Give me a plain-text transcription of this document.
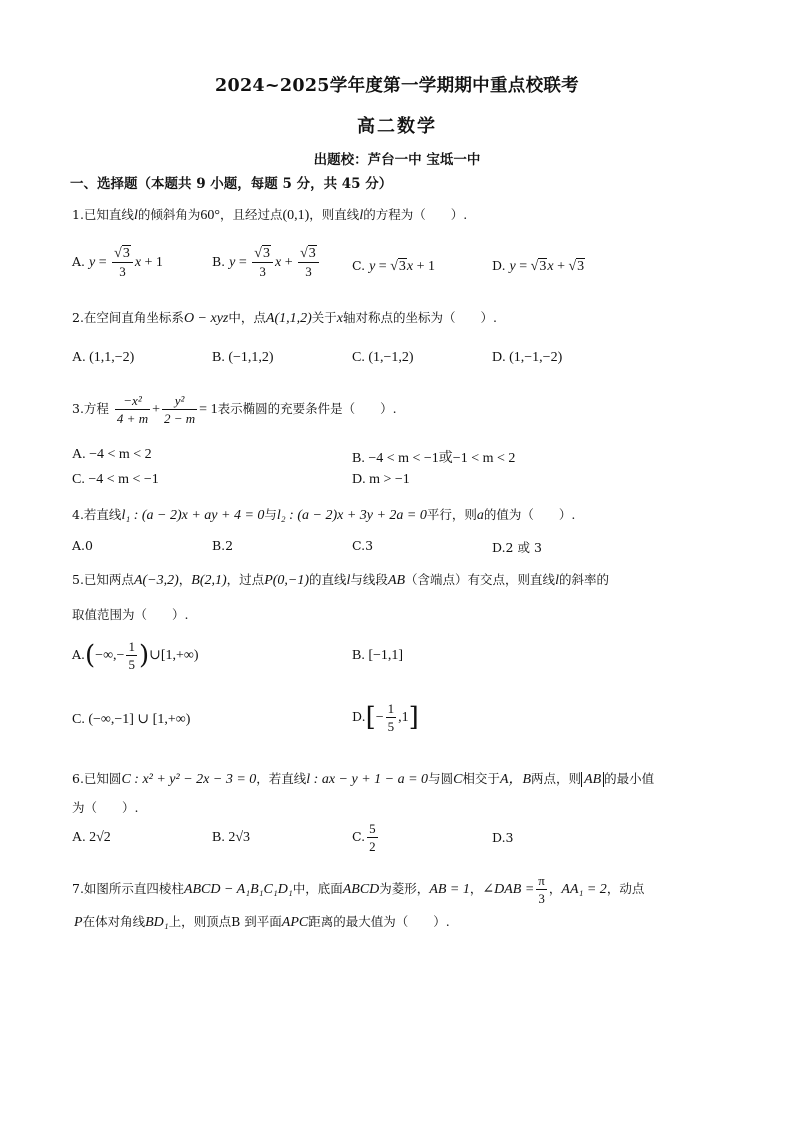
2024~2025学年度第一学期期中重点校联考
高二数学
出题校：芦台一中 宝坻一中
一、选择题（本题共 9 小题，每题 5 分，共 45 分）
1.已知直线l的倾斜角为60°，且经过点(0,1)，则直线l的方程为（　　）.
A. $y = \frac{√3}{3}$ x + 1	B. $y = \frac{√3}{3}$ $x + \frac{√3}{3}$	C. y = √3x + 1	D. y = √3x + √3
2.在空间直角坐标系O − xyz中，点A(1,1,2)关于x轴对称点的坐标为（　　）.
A. (1,1,−2)	B. (−1,1,2)	C. (1,−1,2)	D. (1,−1,−2)
3.方程 $\frac{\text{−x²}}{4 + m} + \frac{\text{y²}}{2 - m} = 1$表示椭圆的充要条件是（　　）.
A. −4 < m < 2	B. −4 < m < −1或−1 < m < 2
C. −4 < m < −1	D. m > −1
4.若直线l₁ : (a − 2)x + ay + 4 = 0与l₂ : (a − 2)x + 3y + 2a = 0平行，则a的值为（　　）.
A.0	B.2	C.3	D.2 或 3
5.已知两点A(−3,2)，B(2,1)，过点P(0,−1)的直线l与线段AB（含端点）有交点，则直线l的斜率的
取值范围为（　　）.
$A.(-\infty,- \frac{1}{5}$ )∪[1,+∞)	B. [−1,1]
C. (−∞,−1] ∪ [1,+∞)	$D.[- \frac{1}{5} ,1]$
6.已知圆C : x² + y² − 2x − 3 = 0，若直线l : ax − y + 1 − a = 0与圆C相交于A，B两点，则 AB 的最小值
为（　　）.
A. 2√2	B. 2√3	C. $\frac{5}{2}$	D.3
7.如图所示直四棱柱ABCD − A₁B₁C₁D₁中，底面ABCD为菱形，AB = 1，∠DAB = $\frac{\pi}{3}$ ，AA₁ = 2，动点
P在体对角线BD₁上，则顶点B 到平面APC距离的最大值为（　　）.
